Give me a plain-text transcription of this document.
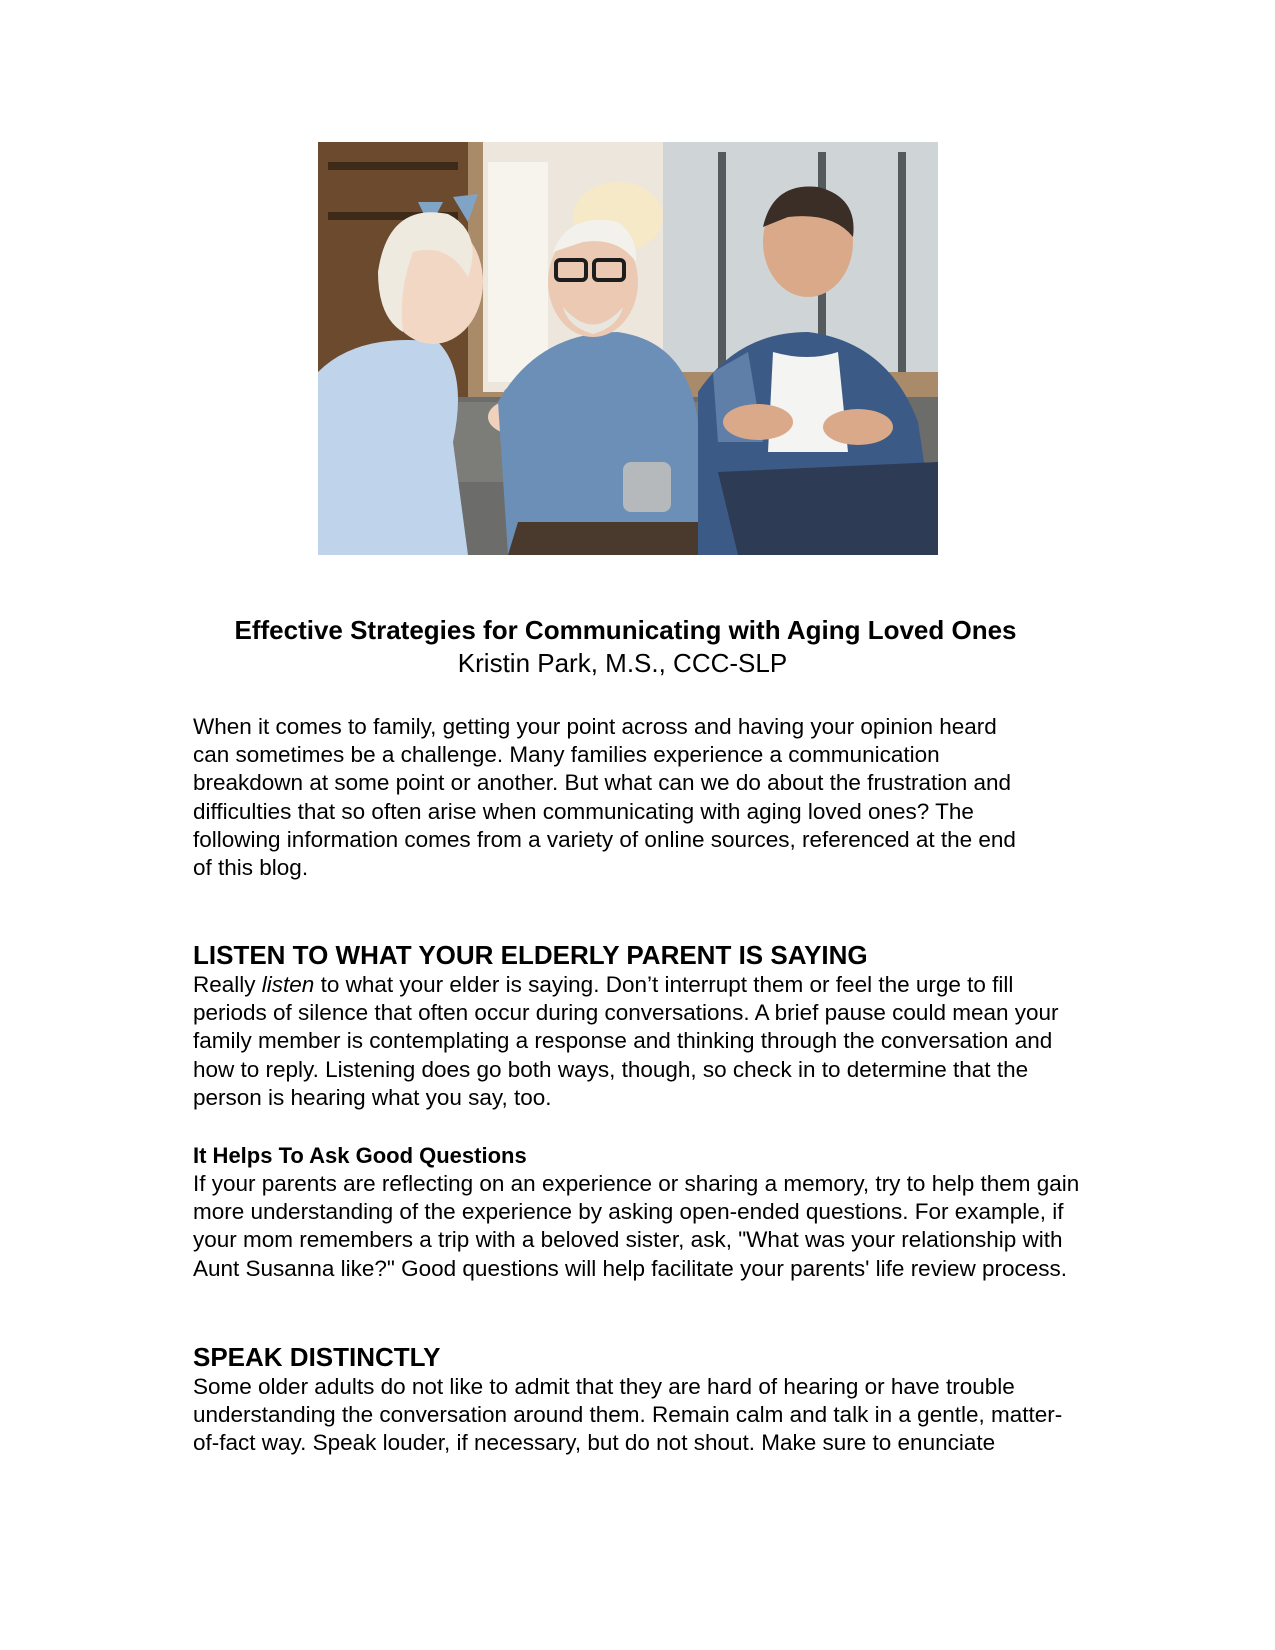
Effective Strategies for Communicating with Aging Loved Ones
Kristin Park, M.S., CCC-SLP

When it comes to family, getting your point across and having your opinion heard
can sometimes be a challenge. Many families experience a communication
breakdown at some point or another. But what can we do about the frustration and
difficulties that so often arise when communicating with aging loved ones? The
following information comes from a variety of online sources, referenced at the end
of this blog.

LISTEN TO WHAT YOUR ELDERLY PARENT IS SAYING

Really listen to what your elder is saying. Don’t interrupt them or feel the urge to fill
periods of silence that often occur during conversations. A brief pause could mean your
family member is contemplating a response and thinking through the conversation and
how to reply. Listening does go both ways, though, so check in to determine that the
person is hearing what you say, too.

It Helps To Ask Good Questions

If your parents are reflecting on an experience or sharing a memory, try to help them gain
more understanding of the experience by asking open-ended questions. For example, if
your mom remembers a trip with a beloved sister, ask, "What was your relationship with
Aunt Susanna like?" Good questions will help facilitate your parents' life review process.

SPEAK DISTINCTLY

Some older adults do not like to admit that they are hard of hearing or have trouble
understanding the conversation around them. Remain calm and talk in a gentle, matter-
of-fact way. Speak louder, if necessary, but do not shout. Make sure to enunciate
